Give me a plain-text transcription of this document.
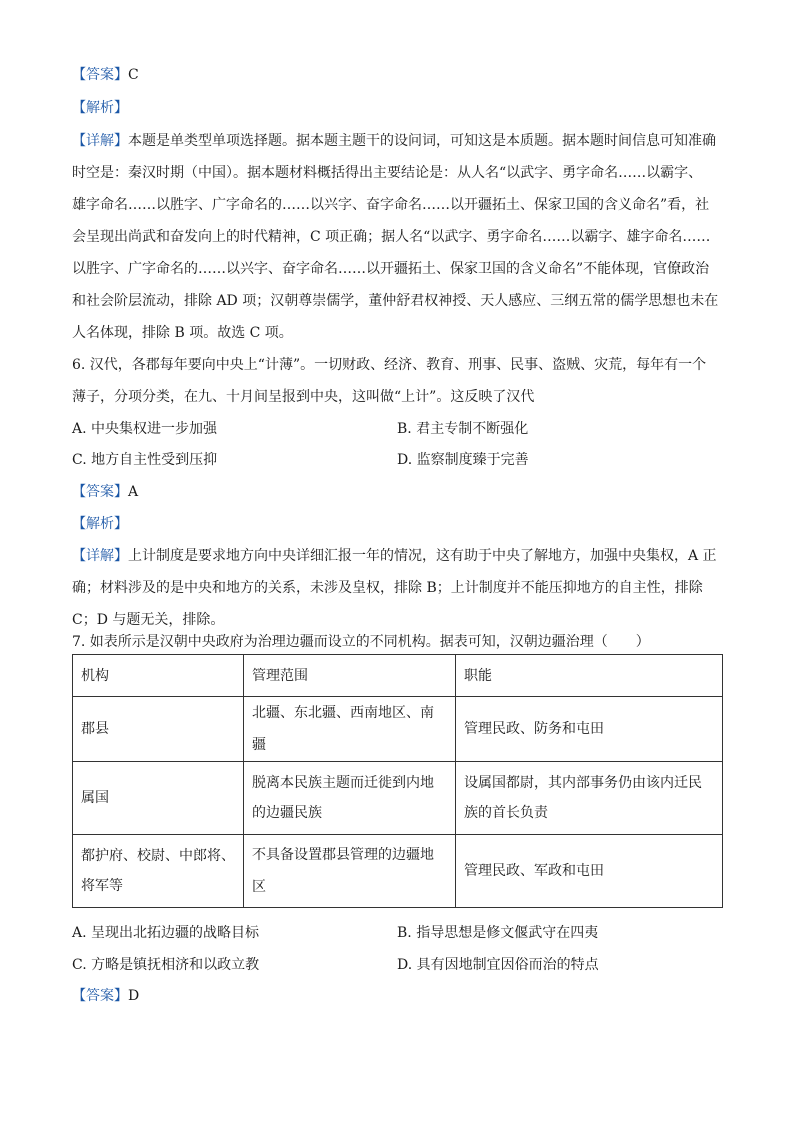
【答案】C
【解析】
【详解】本题是单类型单项选择题。据本题主题干的设问词，可知这是本质题。据本题时间信息可知准确
时空是：秦汉时期（中国）。据本题材料概括得出主要结论是：从人名“以武字、勇字命名……以霸字、
雄字命名……以胜字、广字命名的……以兴字、奋字命名……以开疆拓土、保家卫国的含义命名”看，社
会呈现出尚武和奋发向上的时代精神，C 项正确；据人名“以武字、勇字命名……以霸字、雄字命名……
以胜字、广字命名的……以兴字、奋字命名……以开疆拓土、保家卫国的含义命名”不能体现，官僚政治
和社会阶层流动，排除 AD 项；汉朝尊崇儒学，董仲舒君权神授、天人感应、三纲五常的儒学思想也未在
人名体现，排除 B 项。故选 C 项。
6. 汉代，各郡每年要向中央上“计薄”。一切财政、经济、教育、刑事、民事、盗贼、灾荒，每年有一个
薄子，分项分类，在九、十月间呈报到中央，这叫做“上计”。这反映了汉代
A. 中央集权进一步加强	B. 君主专制不断强化
C. 地方自主性受到压抑	D. 监察制度臻于完善
【答案】A
【解析】
【详解】上计制度是要求地方向中央详细汇报一年的情况，这有助于中央了解地方，加强中央集权，A 正
确；材料涉及的是中央和地方的关系，未涉及皇权，排除 B；上计制度并不能压抑地方的自主性，排除
C；D 与题无关，排除。
7. 如表所示是汉朝中央政府为治理边疆而设立的不同机构。据表可知，汉朝边疆治理（　　）
机构	管理范围	职能
郡县	北疆、东北疆、西南地区、南疆	管理民政、防务和屯田
属国	脱离本民族主题而迁徙到内地的边疆民族	设属国都尉，其内部事务仍由该内迁民族的首长负责
都护府、校尉、中郎将、将军等	不具备设置郡县管理的边疆地区	管理民政、军政和屯田
A. 呈现出北拓边疆的战略目标	B. 指导思想是修文偃武守在四夷
C. 方略是镇抚相济和以政立教	D. 具有因地制宜因俗而治的特点
【答案】D
